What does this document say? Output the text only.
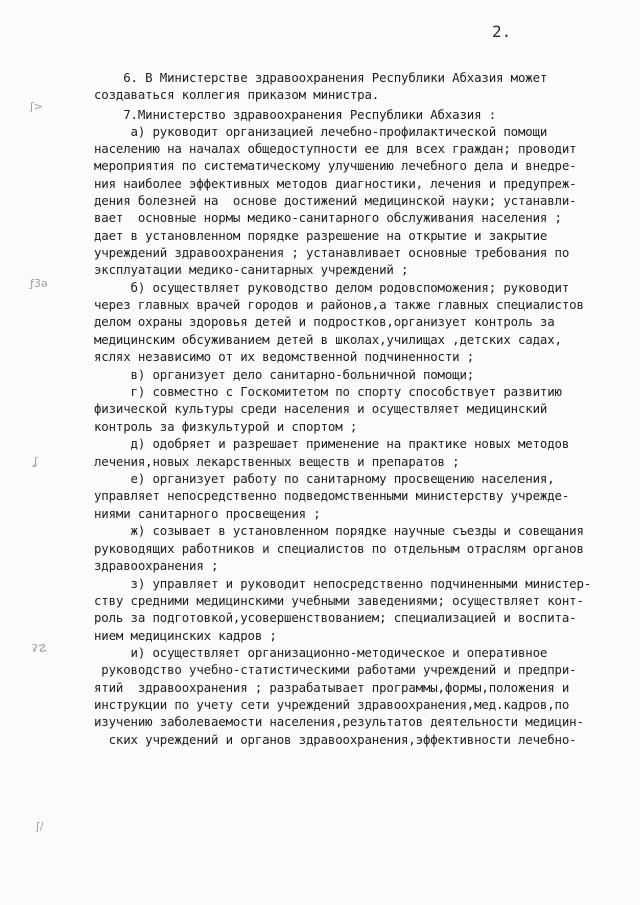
2.
ʃ>
ƒ3ə
ʆ
ʡ☡
ʃ/
6. В Министерстве здравоохранения Республики Абхазия может
создаваться коллегия приказом министра.
7.Министерство здравоохранения Республики Абхазия :
а) руководит организацией лечебно-профилактической помощи
населению на началах общедоступности ее для всех граждан; проводит
мероприятия по систематическому улучшению лечебного дела и внедре-
ния наиболее эффективных методов диагностики, лечения и предупреж-
дения болезней на  основе достижений медицинской науки; устанавли-
вает  основные нормы медико-санитарного обслуживания населения ;
дает в установленном порядке разрешение на открытие и закрытие
учреждений здравоохранения ; устанавливает основные требования по
эксплуатации медико-санитарных учреждений ;
б) осуществляет руководство делом родовспоможения; руководит
через главных врачей городов и районов,а также главных специалистов
делом охраны здоровья детей и подростков,организует контроль за
медицинским обсуживанием детей в школах,училищах ,детских садах,
яслях независимо от их ведомственной подчиненности ;
в) организует дело санитарно-больничной помощи;
г) совместно с Госкомитетом по спорту способствует развитию
физической культуры среди населения и осуществляет медицинский
контроль за физкультурой и спортом ;
д) одобряет и разрешает применение на практике новых методов
лечения,новых лекарственных веществ и препаратов ;
е) организует работу по санитарному просвещению населения,
управляет непосредственно подведомственными министерству учрежде-
ниями санитарного просвещения ;
ж) созывает в установленном порядке научные съезды и совещания
руководящих работников и специалистов по отдельным отраслям органов
здравоохранения ;
з) управляет и руководит непосредственно подчиненными министер-
ству средними медицинскими учебными заведениями; осуществляет конт-
роль за подготовкой,усовершенствованием; специализацией и воспита-
нием медицинских кадров ;
и) осуществляет организационно-методическое и оперативное
руководство учебно-статистическими работами учреждений и предпри-
ятий  здравоохранения ; разрабатывает программы,формы,положения и
инструкции по учету сети учреждений здравоохранения,мед.кадров,по
изучению заболеваемости населения,результатов деятельности медицин-
ских учреждений и органов здравоохранения,эффективности лечебно-
